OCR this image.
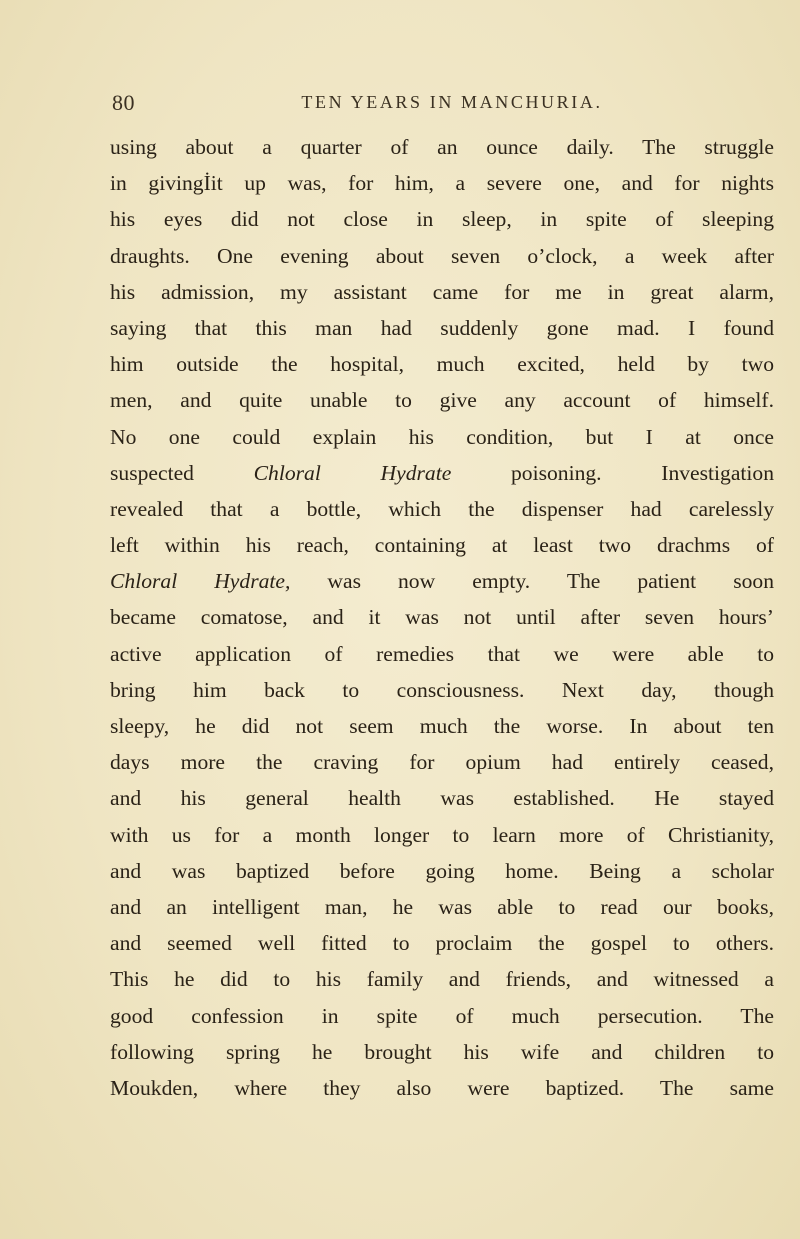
80	TEN YEARS IN MANCHURIA.
using about a quarter of an ounce daily. The struggle
in givingİit up was, for him, a severe one, and for nights
his eyes did not close in sleep, in spite of sleeping
draughts. One evening about seven o’clock, a week after
his admission, my assistant came for me in great alarm,
saying that this man had suddenly gone mad. I found
him outside the hospital, much excited, held by two
men, and quite unable to give any account of himself.
No one could explain his condition, but I at once
suspected Chloral Hydrate poisoning. Investigation
revealed that a bottle, which the dispenser had carelessly
left within his reach, containing at least two drachms of
Chloral Hydrate, was now empty. The patient soon
became comatose, and it was not until after seven hours’
active application of remedies that we were able to
bring him back to consciousness. Next day, though
sleepy, he did not seem much the worse. In about ten
days more the craving for opium had entirely ceased,
and his general health was established. He stayed
with us for a month longer to learn more of Christianity,
and was baptized before going home. Being a scholar
and an intelligent man, he was able to read our books,
and seemed well fitted to proclaim the gospel to others.
This he did to his family and friends, and witnessed a
good confession in spite of much persecution. The
following spring he brought his wife and children to
Moukden, where they also were baptized. The same
